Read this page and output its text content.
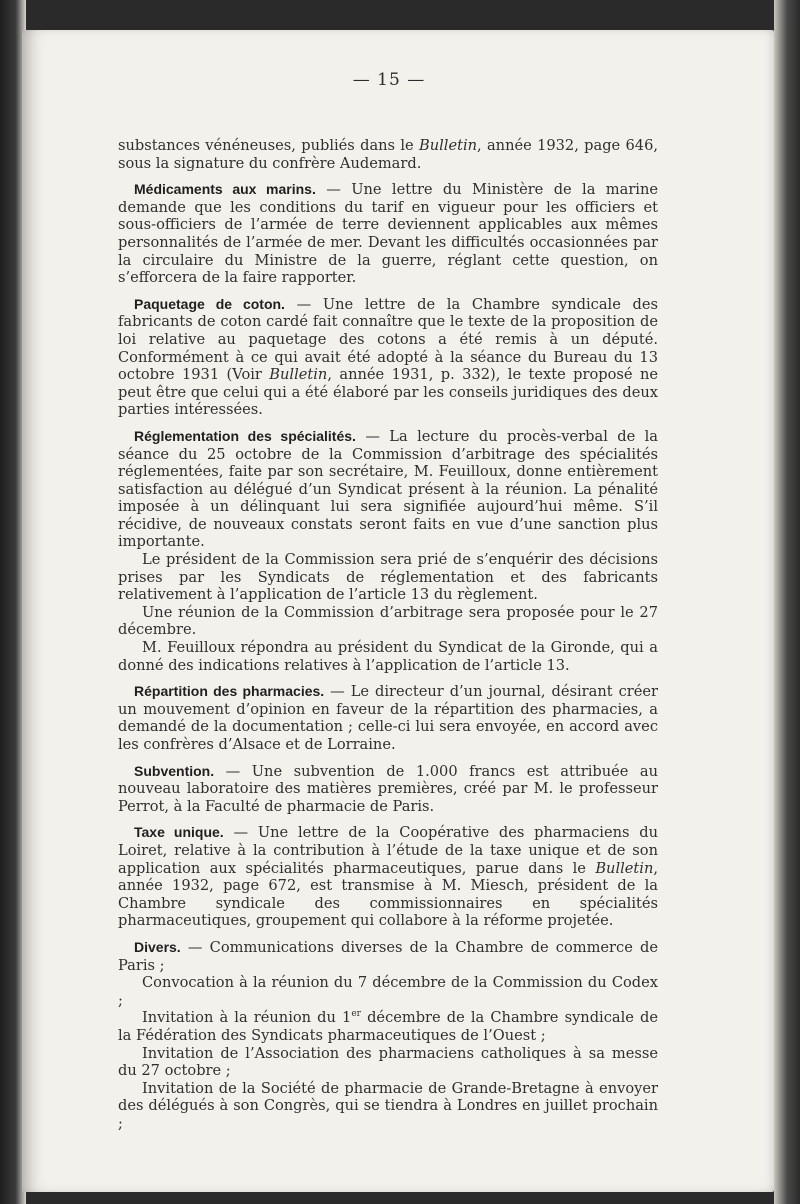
— 15 —

substances vénéneuses, publiés dans le Bulletin, année 1932, page 646, sous la signature du confrère Audemard.

Médicaments aux marins. — Une lettre du Ministère de la marine demande que les conditions du tarif en vigueur pour les officiers et sous-officiers de l’armée de terre deviennent applicables aux mêmes personnalités de l’armée de mer. Devant les difficultés occasionnées par la circulaire du Ministre de la guerre, réglant cette question, on s’efforcera de la faire rapporter.

Paquetage de coton. — Une lettre de la Chambre syndicale des fabricants de coton cardé fait connaître que le texte de la proposition de loi relative au paquetage des cotons a été remis à un député. Conformément à ce qui avait été adopté à la séance du Bureau du 13 octobre 1931 (Voir Bulletin, année 1931, p. 332), le texte proposé ne peut être que celui qui a été élaboré par les conseils juridiques des deux parties intéressées.

Réglementation des spécialités. — La lecture du procès-verbal de la séance du 25 octobre de la Commission d’arbitrage des spécialités réglementées, faite par son secrétaire, M. Feuilloux, donne entièrement satisfaction au délégué d’un Syndicat présent à la réunion. La pénalité imposée à un délinquant lui sera signifiée aujourd’hui même. S’il récidive, de nouveaux constats seront faits en vue d’une sanction plus importante.

Le président de la Commission sera prié de s’enquérir des décisions prises par les Syndicats de réglementation et des fabricants relativement à l’application de l’article 13 du règlement.

Une réunion de la Commission d’arbitrage sera proposée pour le 27 décembre.

M. Feuilloux répondra au président du Syndicat de la Gironde, qui a donné des indications relatives à l’application de l’article 13.

Répartition des pharmacies. — Le directeur d’un journal, désirant créer un mouvement d’opinion en faveur de la répartition des pharmacies, a demandé de la documentation ; celle-ci lui sera envoyée, en accord avec les confrères d’Alsace et de Lorraine.

Subvention. — Une subvention de 1.000 francs est attribuée au nouveau laboratoire des matières premières, créé par M. le professeur Perrot, à la Faculté de pharmacie de Paris.

Taxe unique. — Une lettre de la Coopérative des pharmaciens du Loiret, relative à la contribution à l’étude de la taxe unique et de son application aux spécialités pharmaceutiques, parue dans le Bulletin, année 1932, page 672, est transmise à M. Miesch, président de la Chambre syndicale des commissionnaires en spécialités pharmaceutiques, groupement qui collabore à la réforme projetée.

Divers. — Communications diverses de la Chambre de commerce de Paris ;

Convocation à la réunion du 7 décembre de la Commission du Codex ;

Invitation à la réunion du 1er décembre de la Chambre syndicale de la Fédération des Syndicats pharmaceutiques de l’Ouest ;

Invitation de l’Association des pharmaciens catholiques à sa messe du 27 octobre ;

Invitation de la Société de pharmacie de Grande-Bretagne à envoyer des délégués à son Congrès, qui se tiendra à Londres en juillet prochain ;
